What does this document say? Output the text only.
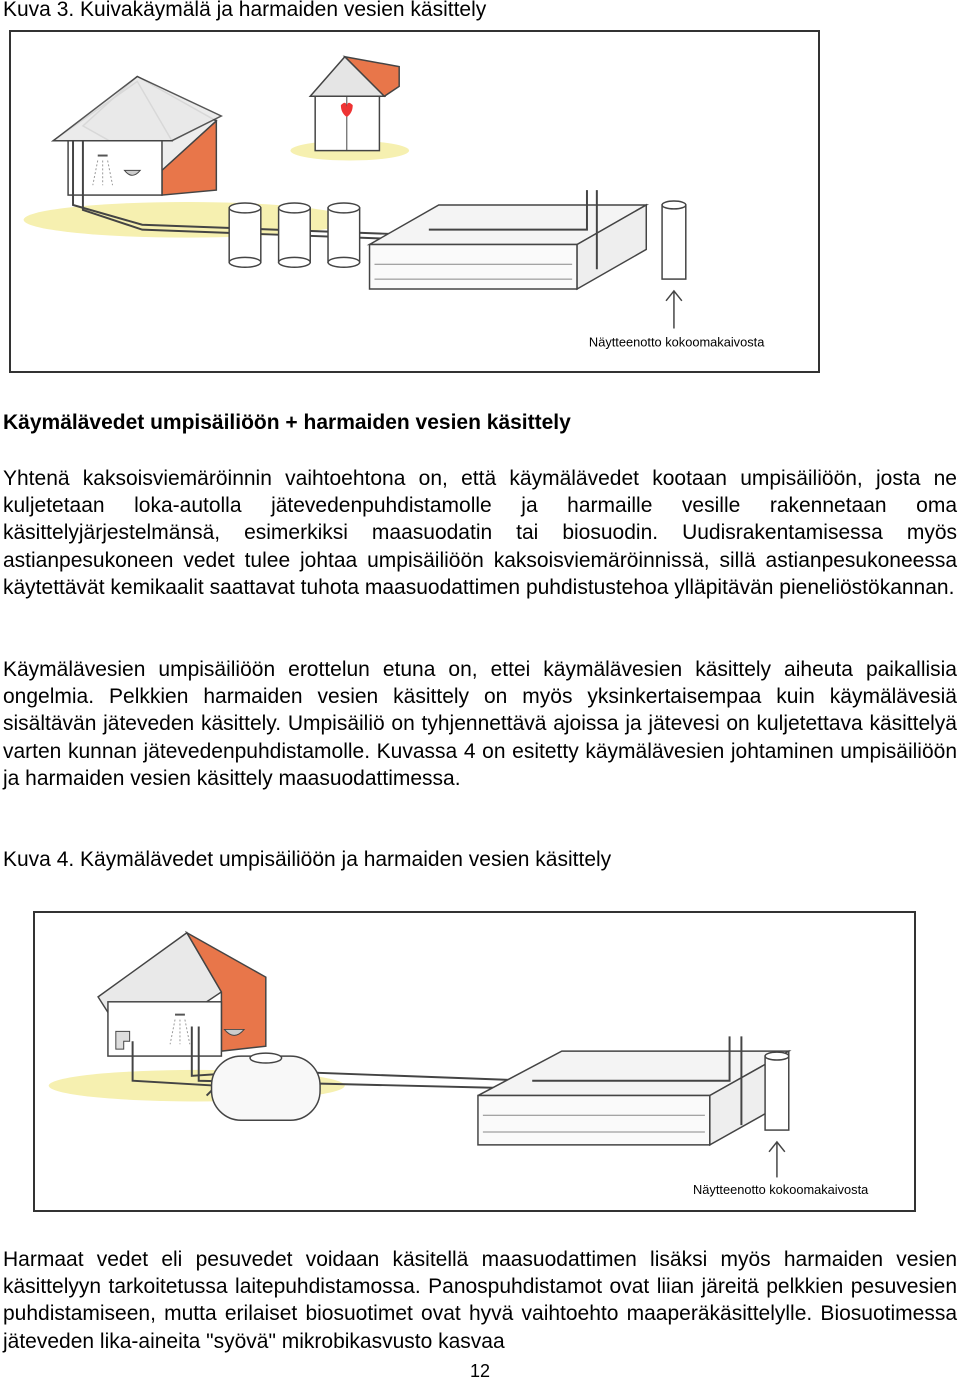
Kuva 3. Kuivakäymälä ja harmaiden vesien käsittely
Näytteenotto kokoomakaivosta
Käymälävedet umpisäiliöön + harmaiden vesien käsittely

Yhtenä kaksoisviemäröinnin vaihtoehtona on, että käymälävedet kootaan umpisäiliöön, josta ne kuljetetaan loka-autolla jätevedenpuhdistamolle ja harmaille vesille rakennetaan oma käsittelyjärjestelmänsä, esimerkiksi maasuodatin tai biosuodin. Uudisrakentamisessa myös astianpesukoneen vedet tulee johtaa umpisäiliöön kaksoisviemäröinnissä, sillä astianpesukoneessa käytettävät kemikaalit saattavat tuhota maasuodattimen puhdistustehoa ylläpitävän pieneliöstökannan.

Käymälävesien umpisäiliöön erottelun etuna on, ettei käymälävesien käsittely aiheuta paikallisia ongelmia. Pelkkien harmaiden vesien käsittely on myös yksinkertaisempaa kuin käymälävesiä sisältävän jäteveden käsittely. Umpisäiliö on tyhjennettävä ajoissa ja jätevesi on kuljetettava käsittelyä varten kunnan jätevedenpuhdistamolle. Kuvassa 4 on esitetty käymälävesien johtaminen umpisäiliöön ja harmaiden vesien käsittely maasuodattimessa.

Kuva 4. Käymälävedet umpisäiliöön ja harmaiden vesien käsittely
Näytteenotto kokoomakaivosta

Harmaat vedet eli pesuvedet voidaan käsitellä maasuodattimen lisäksi myös harmaiden vesien käsittelyyn tarkoitetussa laitepuhdistamossa. Panospuhdistamot ovat liian järeitä pelkkien pesuvesien puhdistamiseen, mutta erilaiset biosuotimet ovat hyvä vaihtoehto maaperäkäsittelylle. Biosuotimessa jäteveden lika-aineita "syövä" mikrobikasvusto kasvaa

12
